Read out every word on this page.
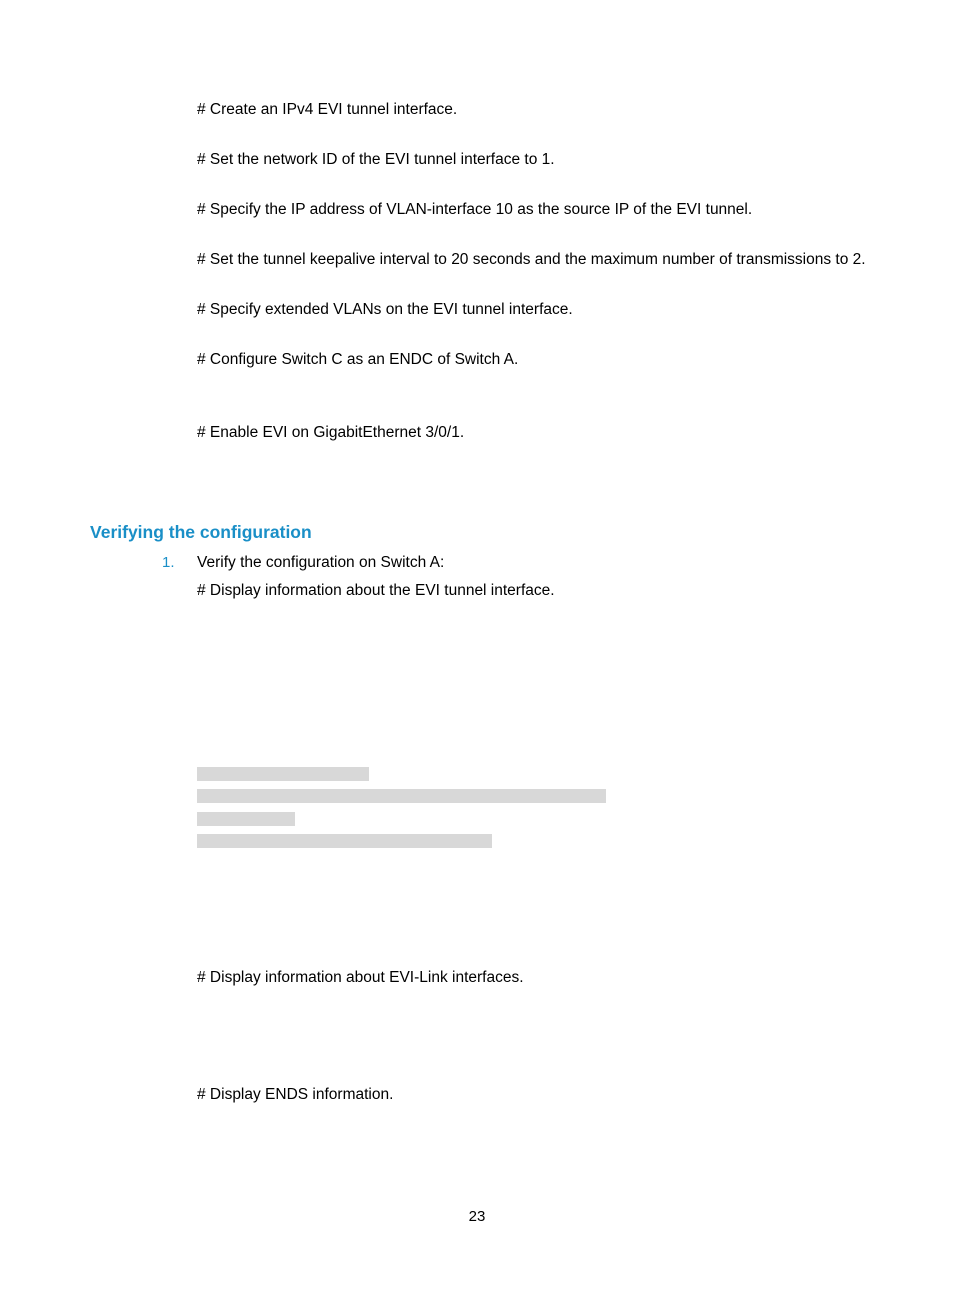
# Create an IPv4 EVI tunnel interface.
# Set the network ID of the EVI tunnel interface to 1.
# Specify the IP address of VLAN-interface 10 as the source IP of the EVI tunnel.
# Set the tunnel keepalive interval to 20 seconds and the maximum number of transmissions to 2.
# Specify extended VLANs on the EVI tunnel interface.
# Configure Switch C as an ENDC of Switch A.
# Enable EVI on GigabitEthernet 3/0/1.
Verifying the configuration
1. Verify the configuration on Switch A:
# Display information about the EVI tunnel interface.
# Display information about EVI-Link interfaces.
# Display ENDS information.
23
